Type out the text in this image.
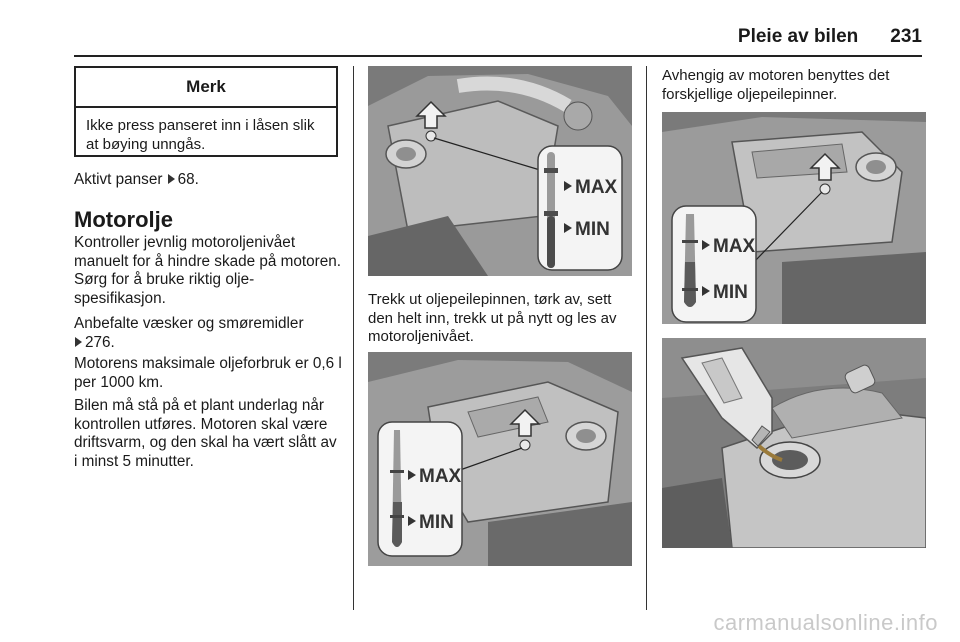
Pleie av bilen 231
Merk
Ikke press panseret inn i låsen slik at bøying unngås.
Aktivt panser 68.
Motorolje
Kontroller jevnlig motoroljenivået manuelt for å hindre skade på motoren. Sørg for å bruke riktig olje-spesifikasjon.
Anbefalte væsker og smøremidler
276.
Motorens maksimale oljeforbruk er 0,6 l per 1000 km.
Bilen må stå på et plant underlag når kontrollen utføres. Motoren skal være driftsvarm, og den skal ha vært slått av i minst 5 minutter.
MAX
MIN
Trekk ut oljepeilepinnen, tørk av, sett den helt inn, trekk ut på nytt og les av motoroljenivået.
MAX
MIN
Avhengig av motoren benyttes det forskjellige oljepeilepinner.
MAX
MIN
carmanualsonline.info
